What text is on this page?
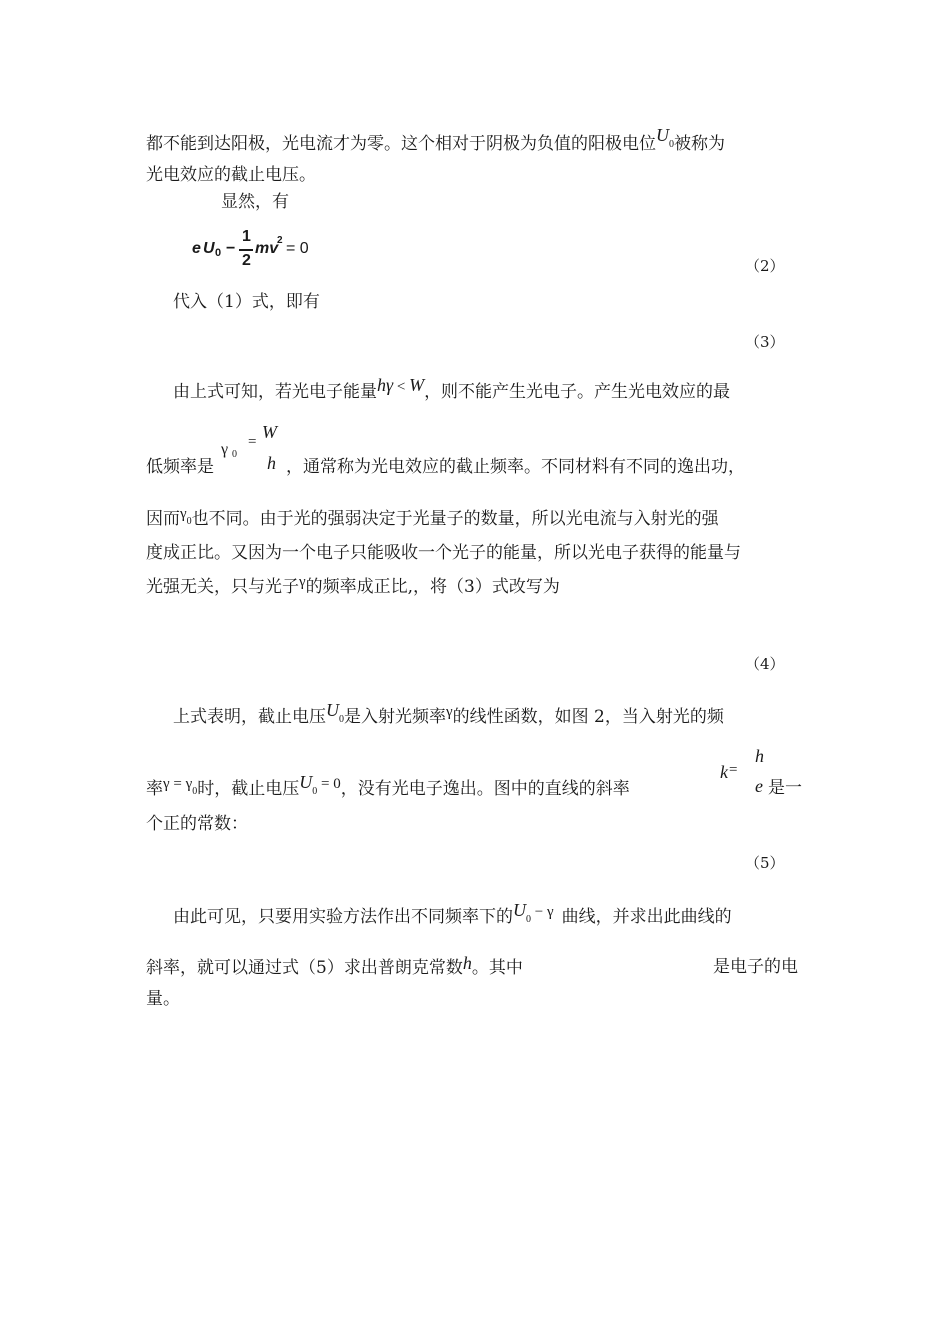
都不能到达阳极，光电流才为零。这个相对于阴极为负值的阳极电位U0被称为
光电效应的截止电压。
显然，有
e U 0 −
1
2
mv
2 = 0
（2）
代入（1）式，即有
（3）
由上式可知，若光电子能量hγ < W，则不能产生光电子。产生光电效应的最
低频率是
γ 0
= W
h ，通常称为光电效应的截止频率。不同材料有不同的逸出功，
因而γ0也不同。由于光的强弱决定于光量子的数量，所以光电流与入射光的强
度成正比。又因为一个电子只能吸收一个光子的能量，所以光电子获得的能量与
光强无关，只与光子γ的频率成正比,，将（3）式改写为
（4）
上式表明，截止电压U0是入射光频率γ的线性函数，如图 2，当入射光的频
率γ = γ0时，截止电压U0 = 0，没有光电子逸出。图中的直线的斜率
k =
h
e 是一
个正的常数：
（5）
由此可见，只要用实验方法作出不同频率下的U0 − γ 曲线，并求出此曲线的
斜率，就可以通过式（5）求出普朗克常数h。其中	是电子的电
量。
